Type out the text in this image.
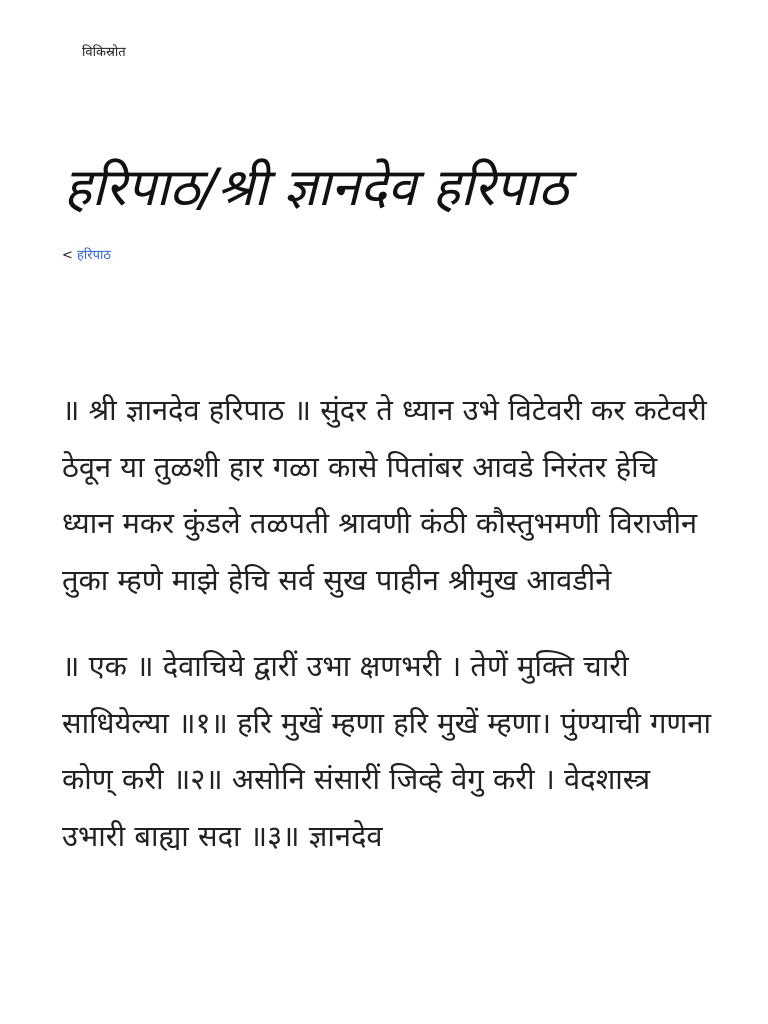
विकिस्रोत
हरिपाठ/श्री ज्ञानदेव हरिपाठ
< हरिपाठ

॥ श्री ज्ञानदेव हरिपाठ ॥ सुंदर ते ध्यान उभे विटेवरी कर कटेवरी ठेवून या तुळशी हार गळा कासे पितांबर आवडे निरंतर हेचि ध्यान मकर कुंडले तळपती श्रावणी कंठी कौस्तुभमणी विराजीन तुका म्हणे माझे हेचि सर्व सुख पाहीन श्रीमुख आवडीने

॥ एक ॥ देवाचिये द्वारीं उभा क्षणभरी । तेणें मुक्ति चारी साधियेल्या ॥१॥ हरि मुखें म्हणा हरि मुखें म्हणा। पुंण्याची गणना कोण् करी ॥२॥ असोनि संसारीं जिव्हे वेगु करी । वेदशास्त्र उभारी बाह्या सदा ॥३॥ ज्ञानदेव
